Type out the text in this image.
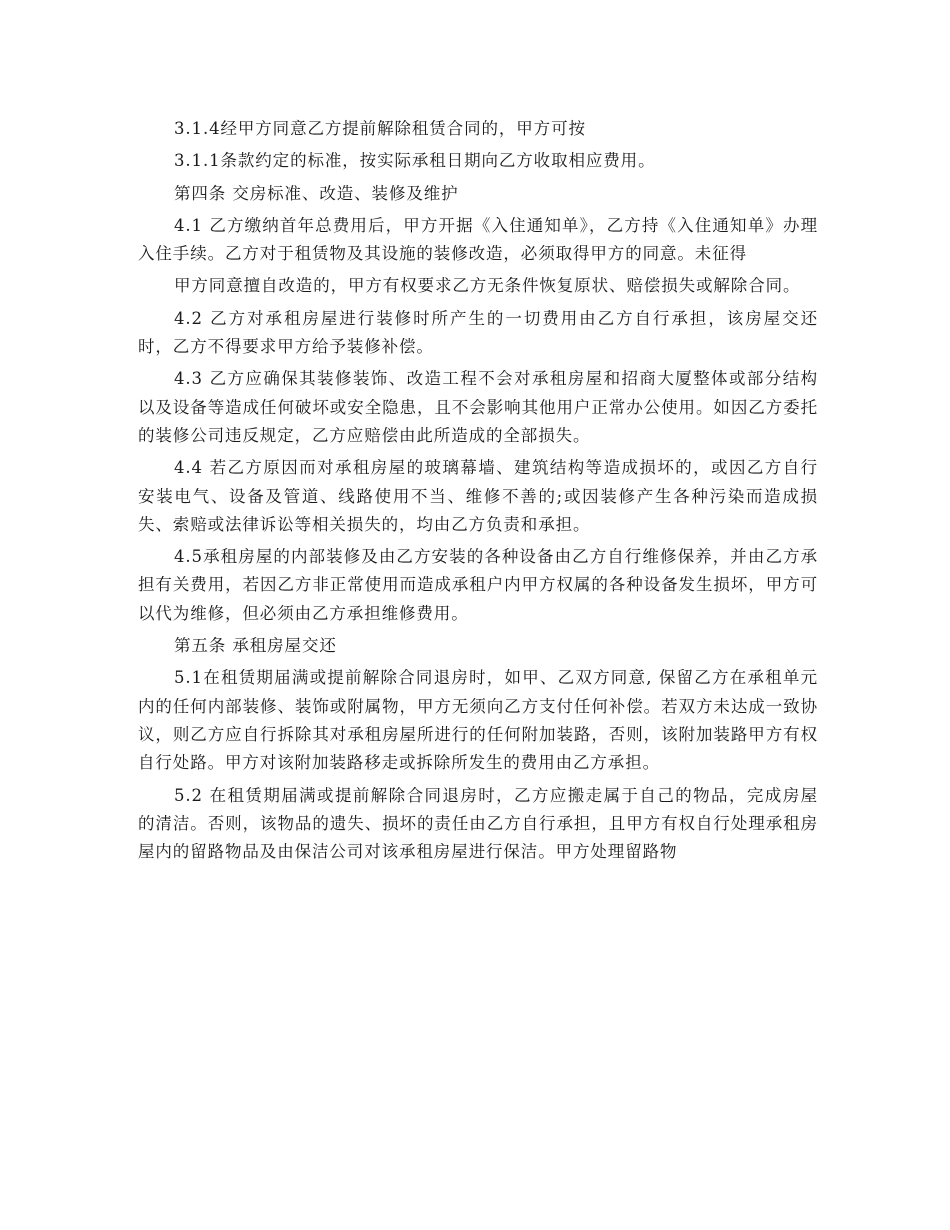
3.1.4经甲方同意乙方提前解除租赁合同的，甲方可按

3.1.1条款约定的标准，按实际承租日期向乙方收取相应费用。

第四条 交房标准、改造、装修及维护

4.1 乙方缴纳首年总费用后，甲方开据《入住通知单》，乙方持《入住通知单》办理入住手续。乙方对于租赁物及其设施的装修改造，必须取得甲方的同意。未征得

甲方同意擅自改造的，甲方有权要求乙方无条件恢复原状、赔偿损失或解除合同。

4.2 乙方对承租房屋进行装修时所产生的一切费用由乙方自行承担，该房屋交还时，乙方不得要求甲方给予装修补偿。

4.3 乙方应确保其装修装饰、改造工程不会对承租房屋和招商大厦整体或部分结构以及设备等造成任何破坏或安全隐患，且不会影响其他用户正常办公使用。如因乙方委托的装修公司违反规定，乙方应赔偿由此所造成的全部损失。

4.4 若乙方原因而对承租房屋的玻璃幕墙、建筑结构等造成损坏的，或因乙方自行安装电气、设备及管道、线路使用不当、维修不善的;或因装修产生各种污染而造成损失、索赔或法律诉讼等相关损失的，均由乙方负责和承担。

4.5承租房屋的内部装修及由乙方安装的各种设备由乙方自行维修保养，并由乙方承担有关费用，若因乙方非正常使用而造成承租户内甲方权属的各种设备发生损坏，甲方可以代为维修，但必须由乙方承担维修费用。

第五条 承租房屋交还

5.1在租赁期届满或提前解除合同退房时，如甲、乙双方同意, 保留乙方在承租单元内的任何内部装修、装饰或附属物，甲方无须向乙方支付任何补偿。若双方未达成一致协议，则乙方应自行拆除其对承租房屋所进行的任何附加装路，否则，该附加装路甲方有权自行处路。甲方对该附加装路移走或拆除所发生的费用由乙方承担。

5.2 在租赁期届满或提前解除合同退房时，乙方应搬走属于自己的物品，完成房屋的清洁。否则，该物品的遗失、损坏的责任由乙方自行承担，且甲方有权自行处理承租房屋内的留路物品及由保洁公司对该承租房屋进行保洁。甲方处理留路物
